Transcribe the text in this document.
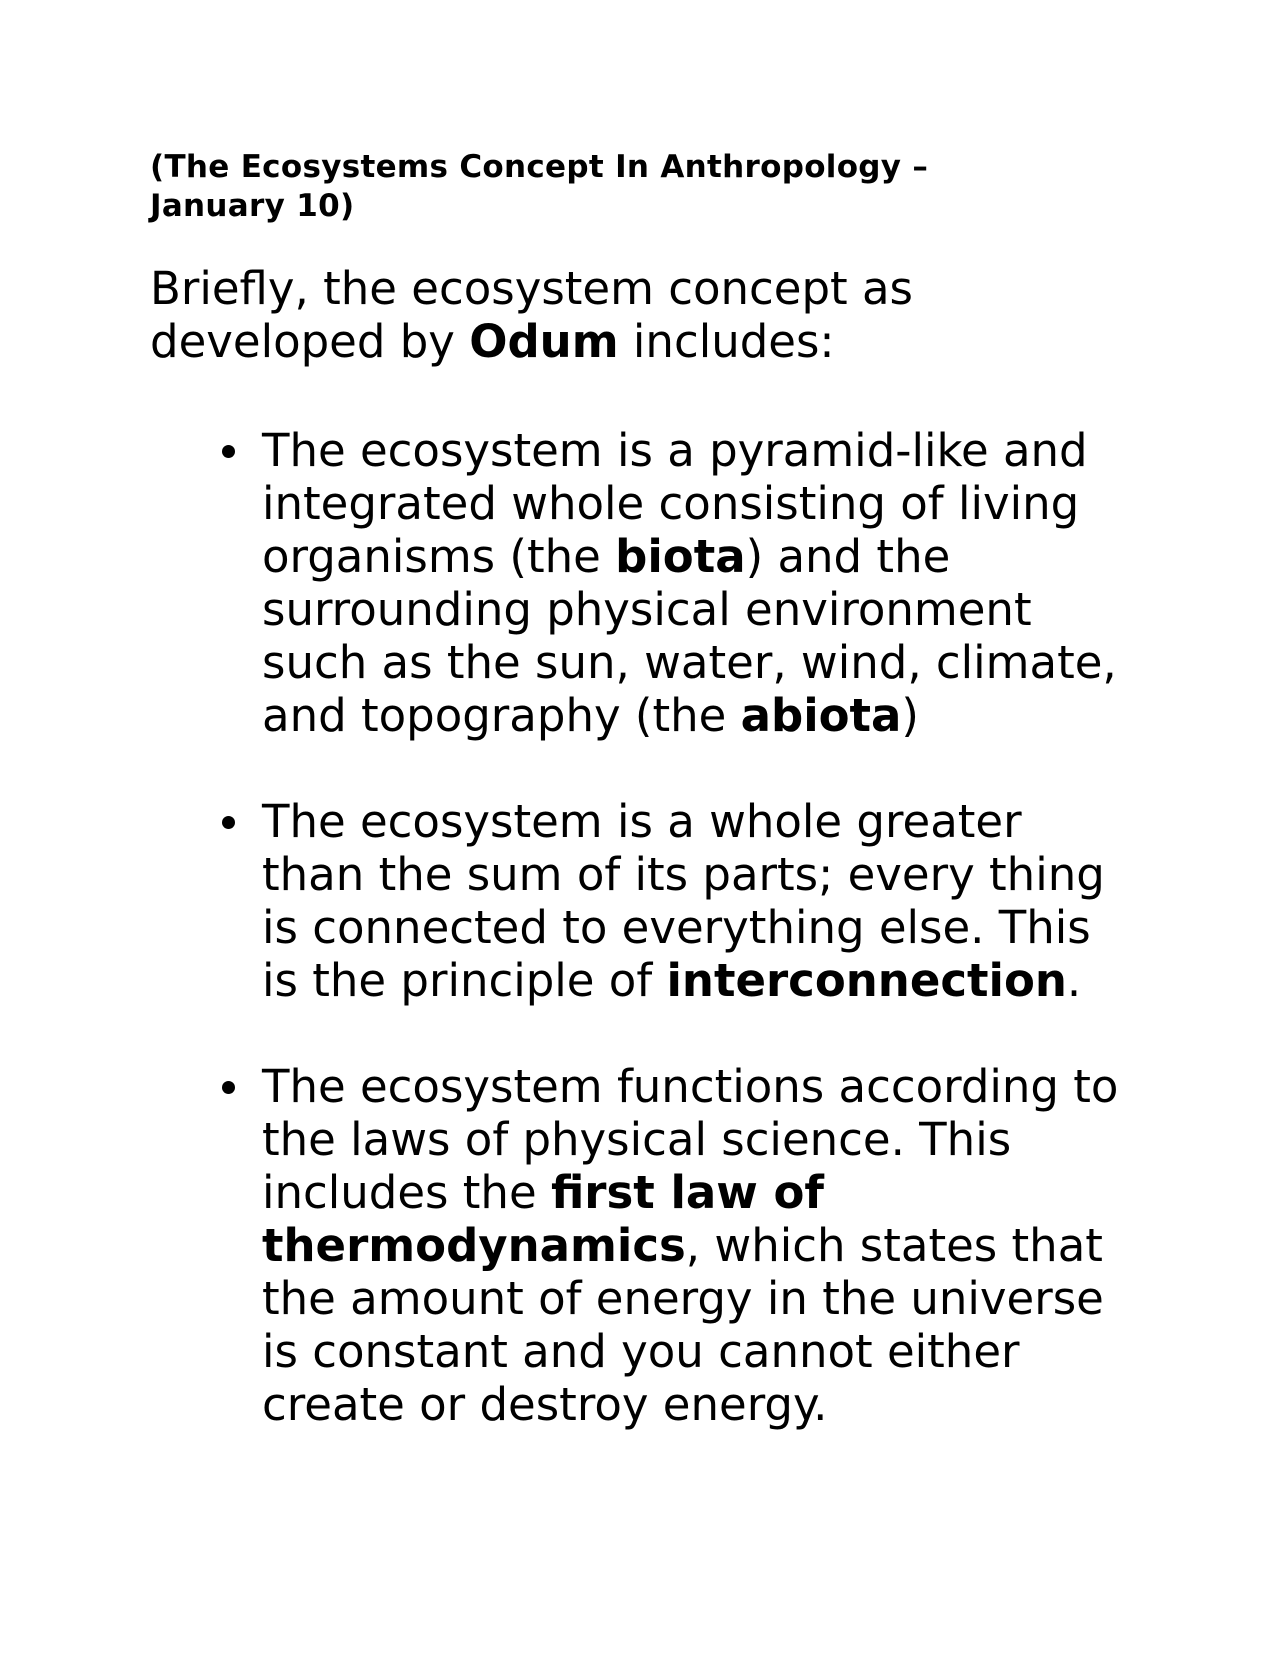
(The Ecosystems Concept In Anthropology –
January 10)

Briefly, the ecosystem concept as developed by Odum includes:

The ecosystem is a pyramid-like and integrated whole consisting of living organisms (the biota) and the surrounding physical environment such as the sun, water, wind, climate, and topography (the abiota)
The ecosystem is a whole greater than the sum of its parts; every thing is connected to everything else. This is the principle of interconnection.
The ecosystem functions according to the laws of physical science. This includes the first law of thermodynamics, which states that the amount of energy in the universe is constant and you cannot either create or destroy energy.
